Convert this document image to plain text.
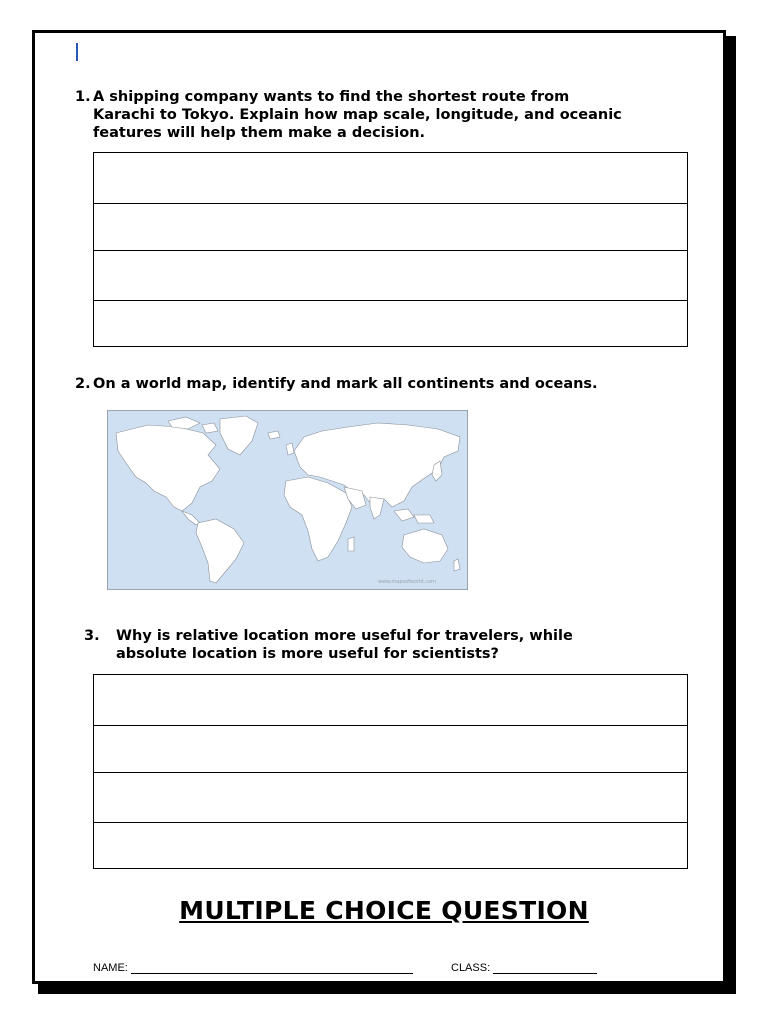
1. A shipping company wants to find the shortest route from
Karachi to Tokyo. Explain how map scale, longitude, and oceanic
features will help them make a decision.
2. On a world map, identify and mark all continents and oceans.
www.mapsofworld.com
3. Why is relative location more useful for travelers, while
absolute location is more useful for scientists?
MULTIPLE CHOICE QUESTION
NAME:	CLASS:
